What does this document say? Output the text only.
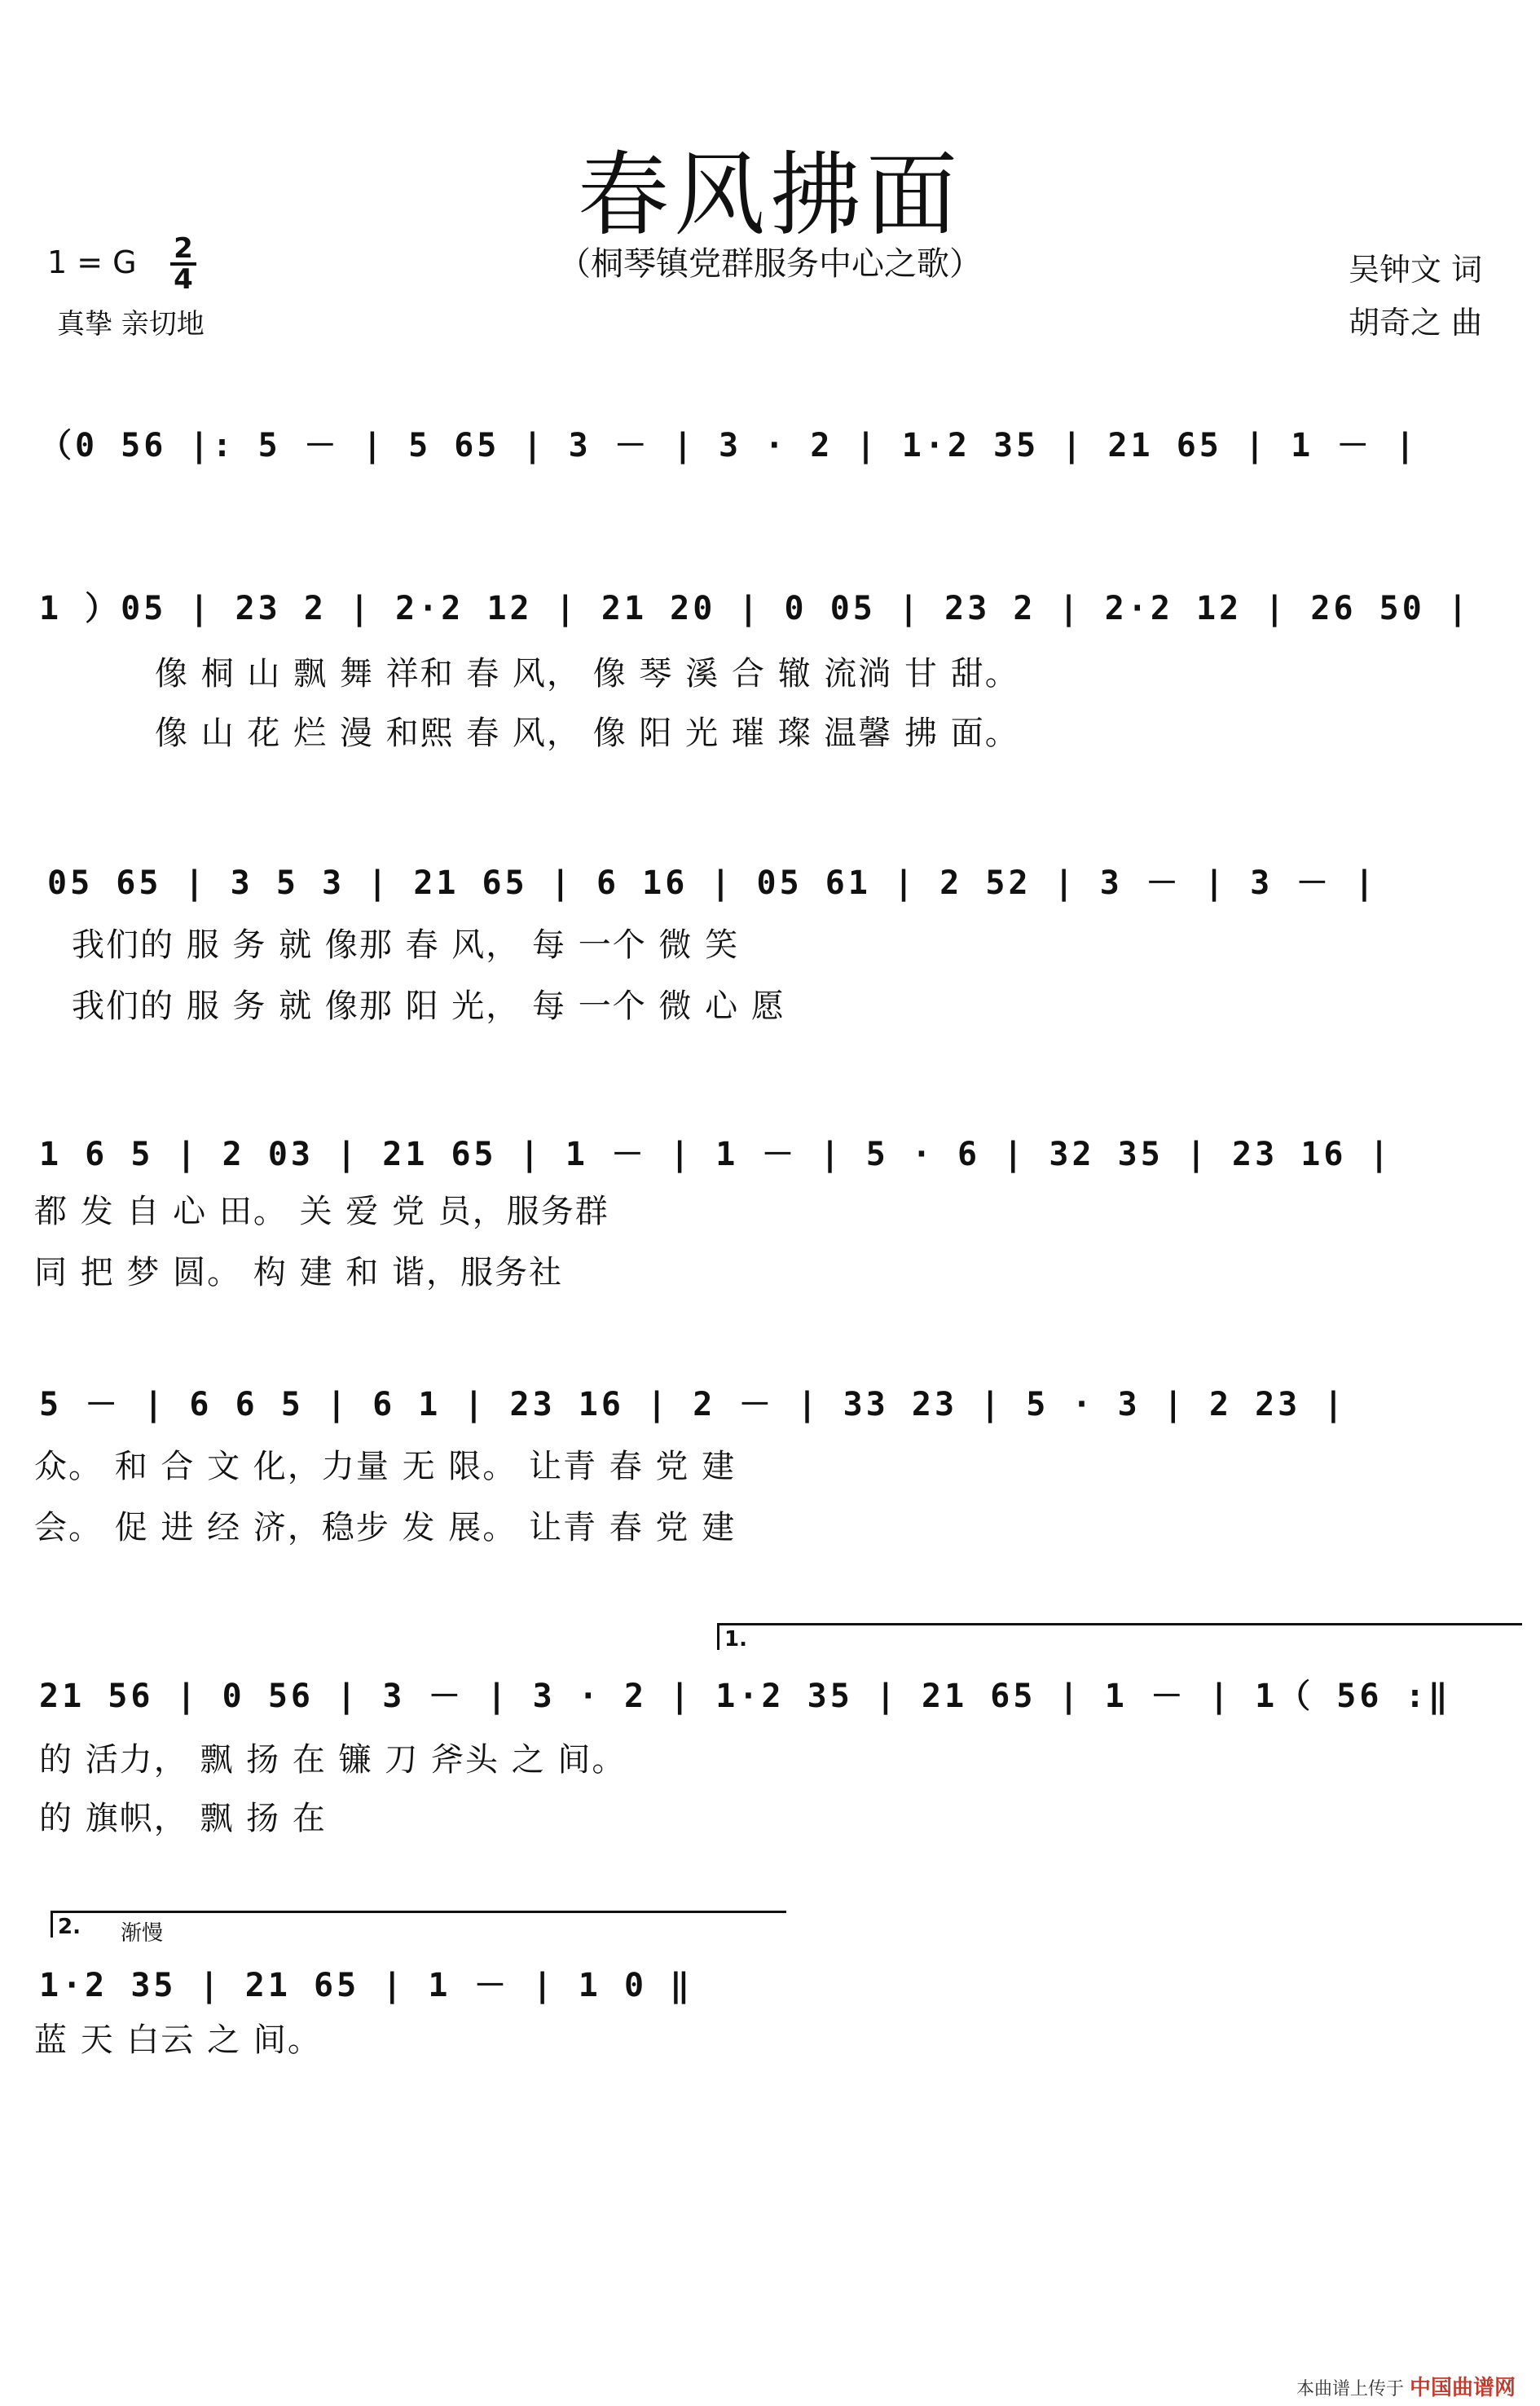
春风拂面
（桐琴镇党群服务中心之歌）
1 = G 2
4
真挚 亲切地
吴钟文 词
胡奇之 曲
1.
2. 渐慢
（0 56 |: 5 － | 5 65 | 3 － | 3 · 2 | 1·2 35 | 21 65 | 1 － |
1 ）05 | 23 2 | 2·2 12 | 21 20 | 0 05 | 23 2 | 2·2 12 | 26 50 |
像 桐 山 飘 舞 祥和 春 风， 像 琴 溪 合 辙 流淌 甘 甜。
像 山 花 烂 漫 和熙 春 风， 像 阳 光 璀 璨 温馨 拂 面。
05 65 | 3 5 3 | 21 65 | 6 16 | 05 61 | 2 52 | 3 － | 3 － |
我们的 服 务 就 像那 春 风， 每 一个 微 笑
我们的 服 务 就 像那 阳 光， 每 一个 微 心 愿
1 6 5 | 2 03 | 21 65 | 1 － | 1 － | 5 · 6 | 32 35 | 23 16 |
都 发 自 心 田。 关 爱 党 员，服务群
同 把 梦 圆。 构 建 和 谐，服务社
5 － | 6 6 5 | 6 1 | 23 16 | 2 － | 33 23 | 5 · 3 | 2 23 |
众。 和 合 文 化，力量 无 限。 让青 春 党 建
会。 促 进 经 济，稳步 发 展。 让青 春 党 建
21 56 | 0 56 | 3 － | 3 · 2 | 1·2 35 | 21 65 | 1 － | 1（ 56 :‖
的 活力， 飘 扬 在 镰 刀 斧头 之 间。
的 旗帜， 飘 扬 在
1·2 35 | 21 65 | 1 － | 1 0 ‖
蓝 天 白云 之 间。
本曲谱上传于 中国曲谱网
